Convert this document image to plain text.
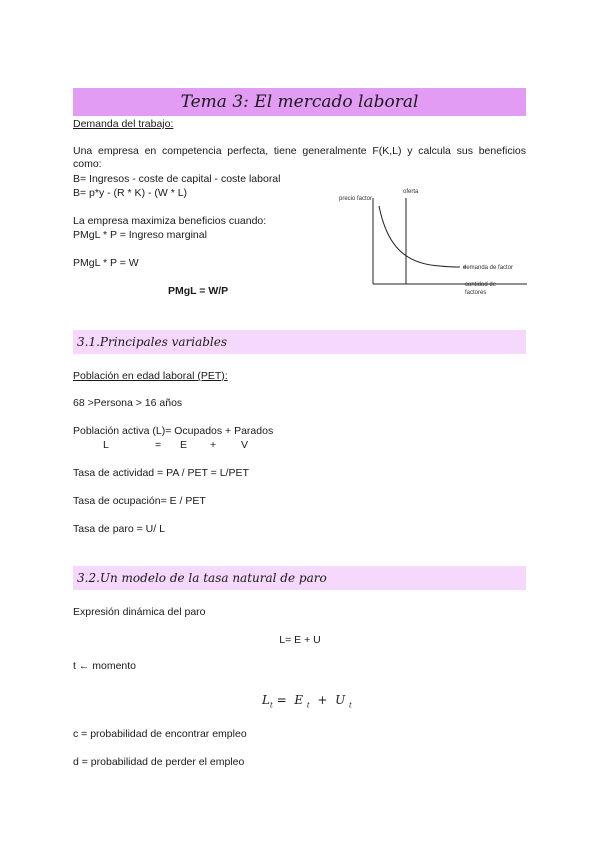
Tema 3: El mercado laboral
Demanda del trabajo:
Una empresa en competencia perfecta, tiene generalmente F(K,L) y calcula sus beneficios como:
B= Ingresos - coste de capital - coste laboral
B= p*y - (R * K) - (W * L)
La empresa maximiza beneficios cuando:
PMgL * P = Ingreso marginal
PMgL * P = W
PMgL = W/P
precio factor
oferta
demanda de factor
cantidad de
factores
3.1.Principales variables
Población en edad laboral (PET):
68 >Persona > 16 años
Población activa (L)= Ocupados + Parados
L	= E + V
Tasa de actividad = PA / PET = L/PET
Tasa de ocupación= E / PET
Tasa de paro = U/ L
3.2.Un modelo de la tasa natural de paro
Expresión dinámica del paro
L= E + U
t ← momento
$L_t = E$ $_t$ + U $_t$
c = probabilidad de encontrar empleo
d = probabilidad de perder el empleo
